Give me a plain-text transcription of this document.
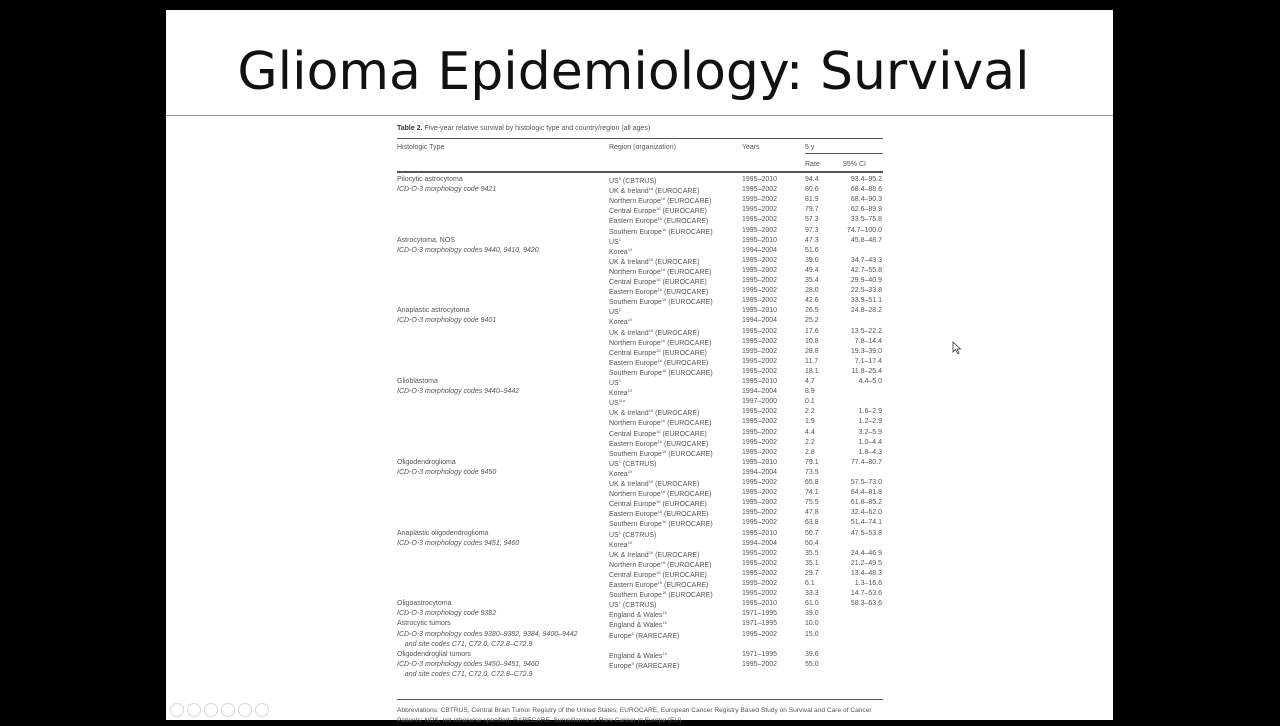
Glioma Epidemiology: Survival
Table 2. Five-year relative survival by histologic type and country/region (all ages)
Histologic Type	Region (organization)	Years	5 y
Rate	95% CI
Pilocytic astrocytoma	$US^5$ (CBTRUS)	1995–2010	94.4	93.4–95.2
ICD-O-3 morphology code 9421	UK & Ireland$^{16}$ (EUROCARE)	1995–2002	80.6	68.4–88.6
Northern Europe$^{16}$ (EUROCARE)	1995–2002	81.9	68.4–90.3
Central Europe$^{16}$ (EUROCARE)	1995–2002	79.7	62.6–89.9
Eastern Europe$^{16}$ (EUROCARE)	1995–2002	57.3	33.5–75.8
Southern Europe$^{16}$ (EUROCARE)	1995–2002	97.3	74.7–100.0
Astrocytoma, NOS	$US^1$	1995–2010	47.3	45.8–48.7
ICD-O-3 morphology codes 9440, 9410, 9420	Korea$^{10}$	1994–2004	51.6
UK & Ireland$^{16}$ (EUROCARE)	1995–2002	39.0	34.7–43.3
Northern Europe$^{16}$ (EUROCARE)	1995–2002	49.4	42.7–55.8
Central Europe$^{16}$ (EUROCARE)	1995–2002	35.4	29.9–40.9
Eastern Europe$^{16}$ (EUROCARE)	1995–2002	28.0	22.5–33.8
Southern Europe$^{16}$ (EUROCARE)	1995–2002	42.6	33.9–51.1
Anaplastic astrocytoma	$US^1$	1995–2010	26.5	24.8–28.2
ICD-O-3 morphology code 9401	Korea$^{10}$	1994–2004	25.2
UK & Ireland$^{16}$ (EUROCARE)	1995–2002	17.6	13.5–22.2
Northern Europe$^{16}$ (EUROCARE)	1995–2002	10.8	7.8–14.4
Central Europe$^{16}$ (EUROCARE)	1995–2002	28.8	19.3–39.0
Eastern Europe$^{16}$ (EUROCARE)	1995–2002	11.7	7.1–17.4
Southern Europe$^{16}$ (EUROCARE)	1995–2002	18.1	11.8–25.4
Glioblastoma	$US^1$	1995–2010	4.7	4.4–5.0
ICD-O-3 morphology codes 9440–9442	Korea$^{10}$	1994–2004	8.9
$US^{11a}$	1997–2000	0.1
UK & Ireland$^{16}$ (EUROCARE)	1995–2002	2.2	1.6–2.9
Northern Europe$^{16}$ (EUROCARE)	1995–2002	1.9	1.2–2.9
Central Europe$^{16}$ (EUROCARE)	1995–2002	4.4	3.2–5.9
Eastern Europe$^{16}$ (EUROCARE)	1995–2002	2.2	1.0–4.4
Southern Europe$^{16}$ (EUROCARE)	1995–2002	2.8	1.8–4.3
Oligodendroglioma	$US^1$ (CBTRUS)	1995–2010	79.1	77.4–80.7
ICD-O-3 morphology code 9450	Korea$^{10}$	1994–2004	73.5
UK & Ireland$^{16}$ (EUROCARE)	1995–2002	65.8	57.5–73.0
Northern Europe$^{16}$ (EUROCARE)	1995–2002	74.1	64.4–81.8
Central Europe$^{16}$ (EUROCARE)	1995–2002	75.5	61.8–85.2
Eastern Europe$^{16}$ (EUROCARE)	1995–2002	47.8	32.4–62.0
Southern Europe$^{16}$ (EUROCARE)	1995–2002	63.8	51.4–74.1
Anaplastic oligodendroglioma	$US^1$ (CBTRUS)	1995–2010	50.7	47.5–53.8
ICD-O-3 morphology codes 9451, 9460	Korea$^{10}$	1994–2004	50.4
UK & Ireland$^{16}$ (EUROCARE)	1995–2002	35.5	24.4–46.9
Northern Europe$^{16}$ (EUROCARE)	1995–2002	35.1	21.2–49.5
Central Europe$^{16}$ (EUROCARE)	1995–2002	29.7	13.4–48.3
Eastern Europe$^{16}$ (EUROCARE)	1995–2002	6.1	1.3–16.6
Southern Europe$^{16}$ (EUROCARE)	1995–2002	33.3	14.7–53.6
Oligoastrocytoma	$US^1$ (CBTRUS)	1995–2010	61.0	58.3–63.6
ICD-O-3 morphology code 9382	England & Wales$^{15}$	1971–1995	39.0
Astrocytic tumors	England & Wales$^{15}$	1971–1995	10.0
ICD-O-3 morphology codes 9380–9382, 9384, 9400–9442	Europe$^9$ (RARECARE)	1995–2002	15.0
and site codes C71, C72.0, C72.8–C72.9
Oligodendroglial tumors	England & Wales$^{15}$	1971–1995	39.6
ICD-O-3 morphology codes 9450–9451, 9460	Europe$^9$ (RARECARE)	1995–2002	55.0
and site codes C71, C72.0, C72.8–C72.9
Abbreviations: CBTRUS, Central Brain Tumor Registry of the United States; EUROCARE, European Cancer Registry Based Study on Survival and Care of Cancer Patients; NOS, not otherwise specified; RARECARE, Surveillance of Rare Cancer in Europe (EU).
